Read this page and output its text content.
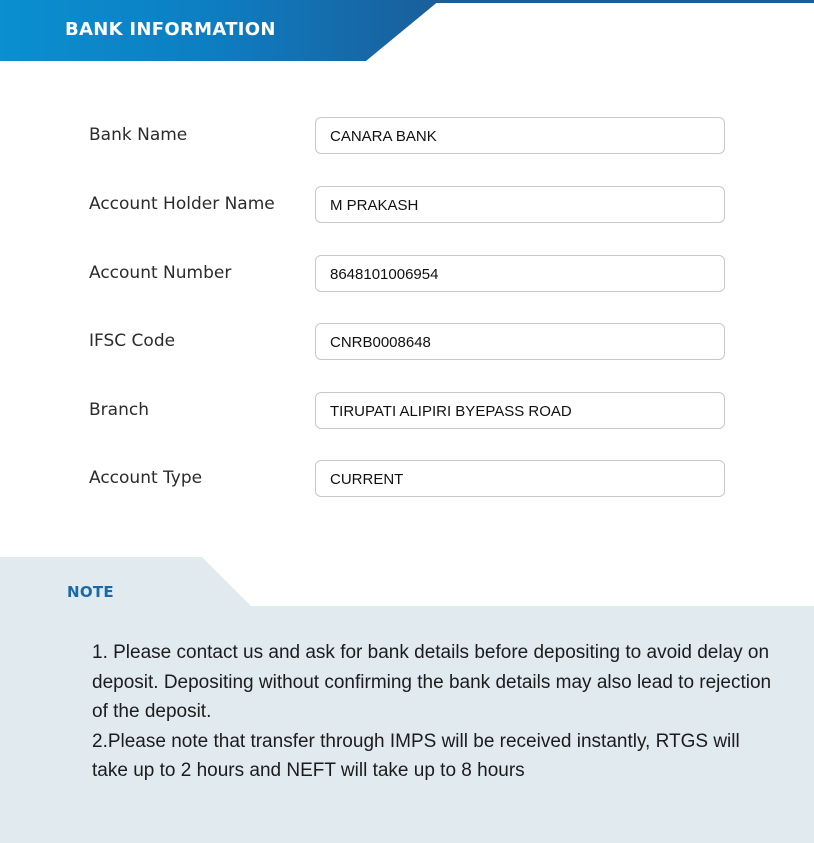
BANK INFORMATION
Bank Name	CANARA BANK
Account Holder Name	M PRAKASH
Account Number	8648101006954
IFSC Code	CNRB0008648
Branch	TIRUPATI ALIPIRI BYEPASS ROAD
Account Type	CURRENT
NOTE
1. Please contact us and ask for bank details before depositing to avoid delay on deposit. Depositing without confirming the bank details may also lead to rejection of the deposit.
2.Please note that transfer through IMPS will be received instantly, RTGS will take up to 2 hours and NEFT will take up to 8 hours
